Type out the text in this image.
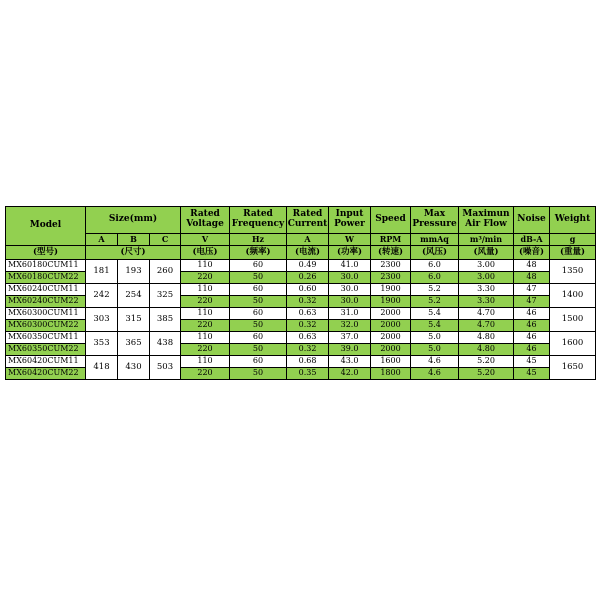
Model	Size(mm)			Rated Voltage	Rated Frequency	Rated Current	Input Power	Speed	Max Pressure	Maximun Air Flow	Noise	Weight
	A	B	C	V	Hz	A	W	RPM	mmAq	m³/min	dB-A	g
(型号)	(尺寸)			(电压)	(频率)	(电流)	(功率)	(转速)	(风压)	(风量)	(噪音)	(重量)
MX60180CUM11	181	193	260	110	60	0.49	41.0	2300	6.0	3.00	48	1350
MX60180CUM22				220	50	0.26	30.0	2300	6.0	3.00	48	
MX60240CUM11	242	254	325	110	60	0.60	30.0	1900	5.2	3.30	47	1400
MX60240CUM22				220	50	0.32	30.0	1900	5.2	3.30	47	
MX60300CUM11	303	315	385	110	60	0.63	31.0	2000	5.4	4.70	46	1500
MX60300CUM22				220	50	0.32	32.0	2000	5.4	4.70	46	
MX60350CUM11	353	365	438	110	60	0.63	37.0	2000	5.0	4.80	46	1600
MX60350CUM22				220	50	0.32	39.0	2000	5.0	4.80	46	
MX60420CUM11	418	430	503	110	60	0.68	43.0	1600	4.6	5.20	45	1650
MX60420CUM22				220	50	0.35	42.0	1800	4.6	5.20	45	
